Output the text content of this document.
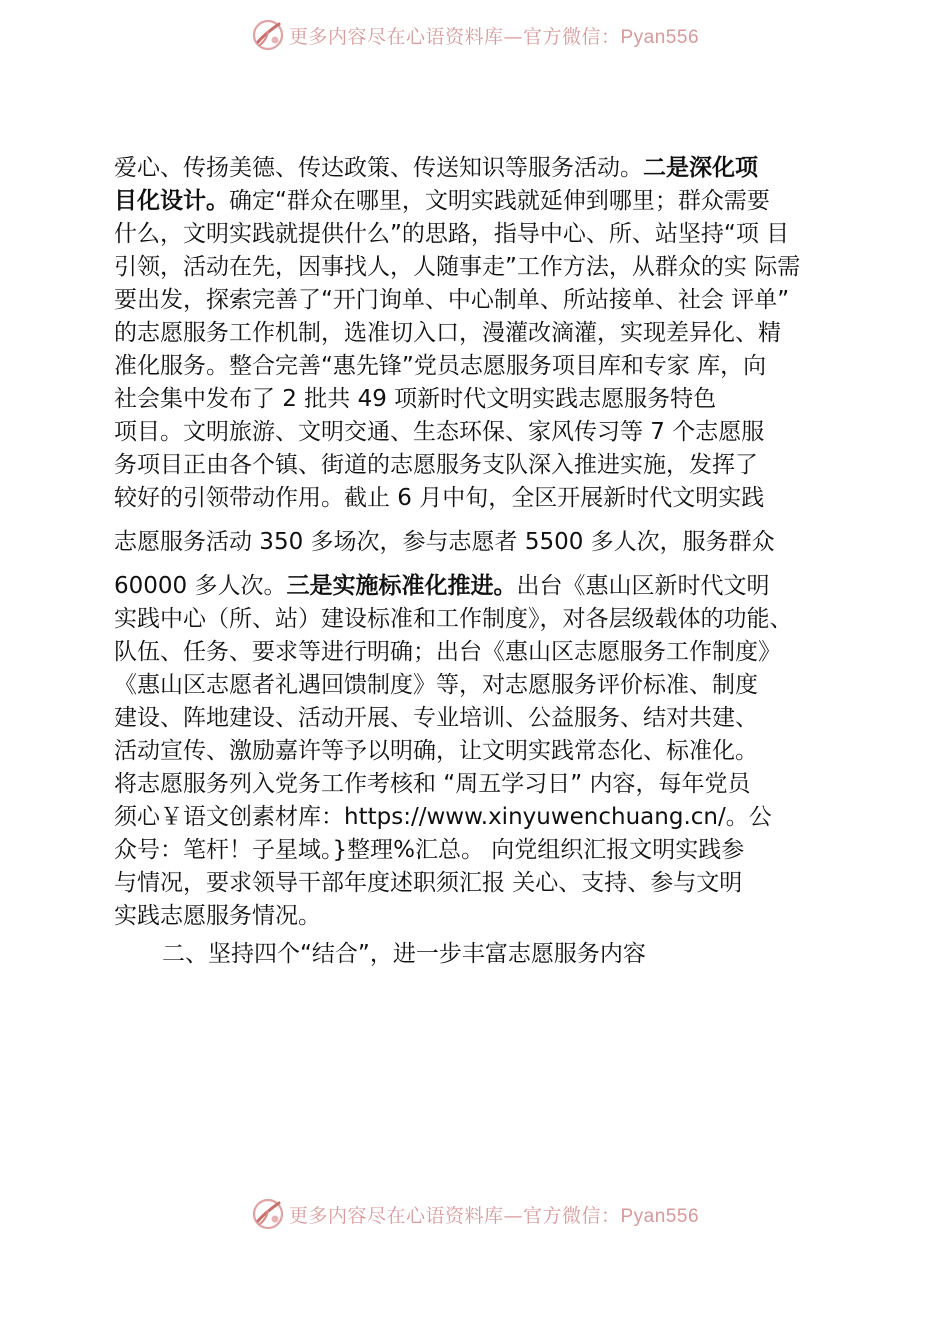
更多内容尽在心语资料库—官方微信：Pyan556
爱心、传扬美德、传达政策、传送知识等服务活动。二是深化项
目化设计。确定“群众在哪里，文明实践就延伸到哪里；群众需要
什么，文明实践就提供什么”的思路，指导中心、所、站坚持“项 目
引领，活动在先，因事找人，人随事走”工作方法，从群众的实 际需
要出发，探索完善了“开门询单、中心制单、所站接单、社会 评单”
的志愿服务工作机制，选准切入口，漫灌改滴灌，实现差异化、精
准化服务。整合完善“惠先锋”党员志愿服务项目库和专家 库，向
社会集中发布了 2 批共 49 项新时代文明实践志愿服务特色
项目。文明旅游、文明交通、生态环保、家风传习等 7 个志愿服
务项目正由各个镇、街道的志愿服务支队深入推进实施，发挥了
较好的引领带动作用。截止 6 月中旬，全区开展新时代文明实践
志愿服务活动 350 多场次，参与志愿者 5500 多人次，服务群众
60000 多人次。三是实施标准化推进。出台《惠山区新时代文明
实践中心（所、站）建设标准和工作制度》，对各层级载体的功能、
队伍、任务、要求等进行明确；出台《惠山区志愿服务工作制度》
《惠山区志愿者礼遇回馈制度》等，对志愿服务评价标准、制度
建设、阵地建设、活动开展、专业培训、公益服务、结对共建、
活动宣传、激励嘉许等予以明确，让文明实践常态化、标准化。
将志愿服务列入党务工作考核和 “周五学习日” 内容，每年党员
须心￥语文创素材库：https://www.xinyuwenchuang.cn/。公
众号：笔杆！子星域。}整理%汇总。 向党组织汇报文明实践参
与情况，要求领导干部年度述职须汇报 关心、支持、参与文明
实践志愿服务情况。
二、坚持四个“结合”，进一步丰富志愿服务内容
更多内容尽在心语资料库—官方微信：Pyan556
